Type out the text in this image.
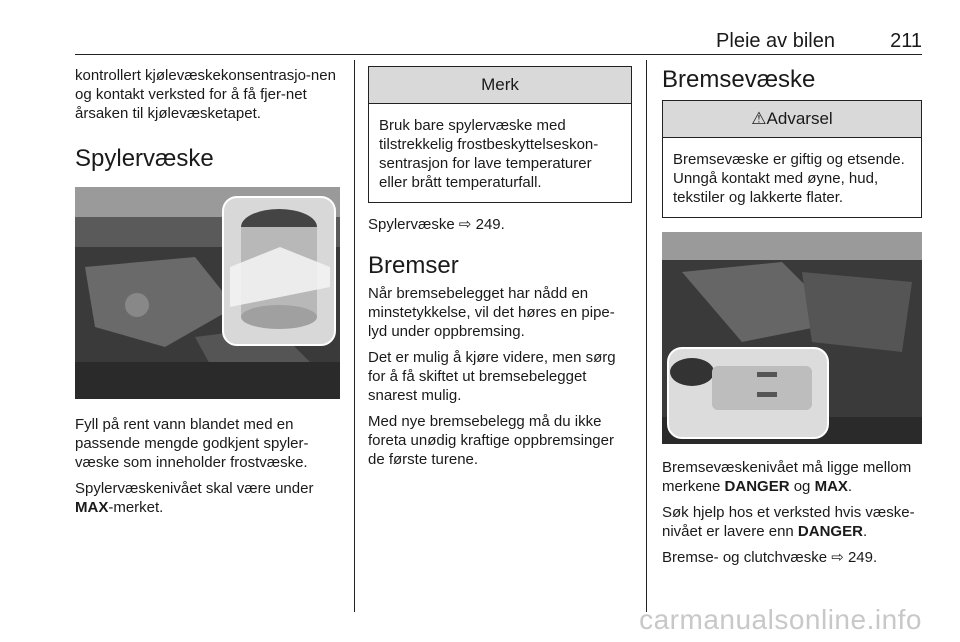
Pleie av bilen	211

kontrollert kjølevæskekonsentrasjo-nen og kontakt verksted for å få fjer-net årsaken til kjølevæsketapet.

Spylervæske

Fyll på rent vann blandet med en passende mengde godkjent spyler-væske som inneholder frostvæske.

Spylervæskenivået skal være under MAX-merket.

Merk
Bruk bare spylervæske med tilstrekkelig frostbeskyttelseskon-sentrasjon for lave temperaturer eller brått temperaturfall.

Spylervæske ⇨ 249.

Bremser

Når bremsebelegget har nådd en minstetykkelse, vil det høres en pipe-lyd under oppbremsing.

Det er mulig å kjøre videre, men sørg for å få skiftet ut bremsebelegget snarest mulig.

Med nye bremsebelegg må du ikke foreta unødig kraftige oppbremsinger de første turene.

Bremsevæske
⚠Advarsel
Bremsevæske er giftig og etsende. Unngå kontakt med øyne, hud, tekstiler og lakkerte flater.

Bremsevæskenivået må ligge mellom merkene DANGER og MAX.

Søk hjelp hos et verksted hvis væske-nivået er lavere enn DANGER.

Bremse- og clutchvæske ⇨ 249.

carmanualsonline.info
